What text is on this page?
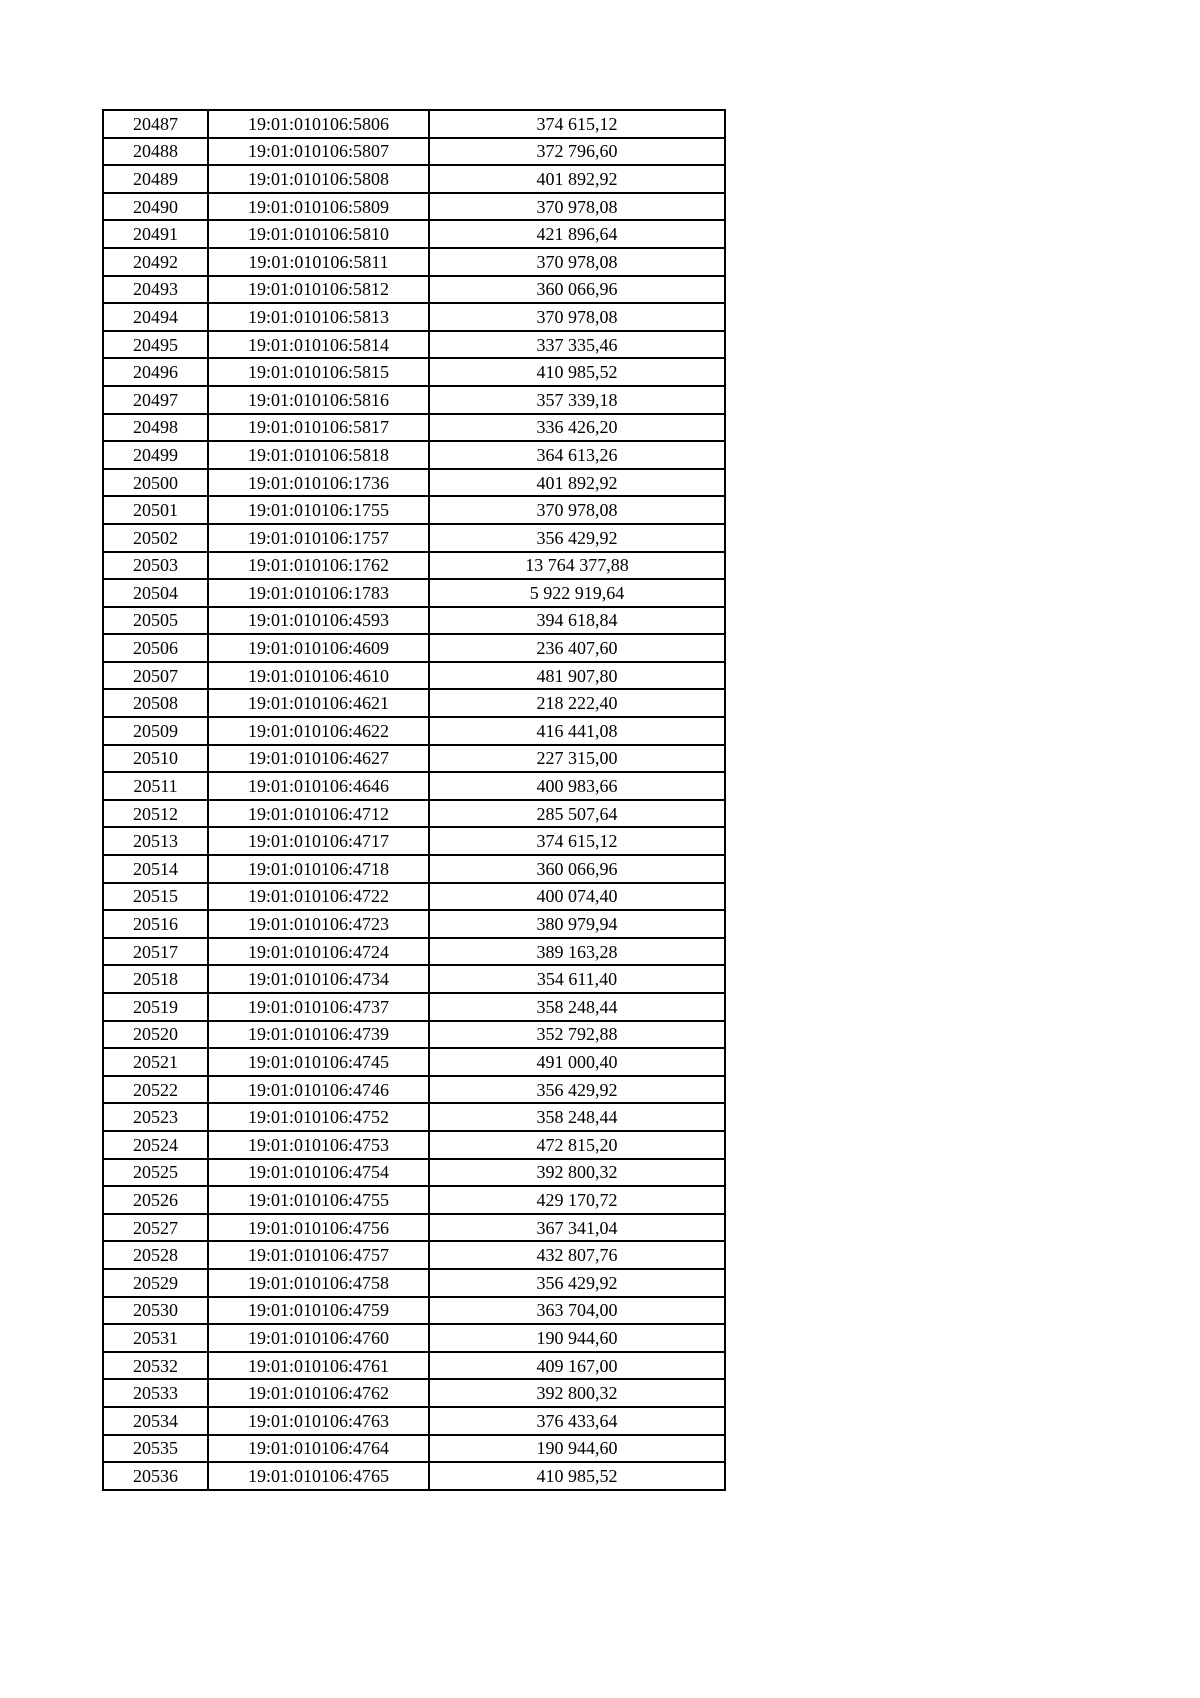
20487	19:01:010106:5806	374 615,12
20488	19:01:010106:5807	372 796,60
20489	19:01:010106:5808	401 892,92
20490	19:01:010106:5809	370 978,08
20491	19:01:010106:5810	421 896,64
20492	19:01:010106:5811	370 978,08
20493	19:01:010106:5812	360 066,96
20494	19:01:010106:5813	370 978,08
20495	19:01:010106:5814	337 335,46
20496	19:01:010106:5815	410 985,52
20497	19:01:010106:5816	357 339,18
20498	19:01:010106:5817	336 426,20
20499	19:01:010106:5818	364 613,26
20500	19:01:010106:1736	401 892,92
20501	19:01:010106:1755	370 978,08
20502	19:01:010106:1757	356 429,92
20503	19:01:010106:1762	13 764 377,88
20504	19:01:010106:1783	5 922 919,64
20505	19:01:010106:4593	394 618,84
20506	19:01:010106:4609	236 407,60
20507	19:01:010106:4610	481 907,80
20508	19:01:010106:4621	218 222,40
20509	19:01:010106:4622	416 441,08
20510	19:01:010106:4627	227 315,00
20511	19:01:010106:4646	400 983,66
20512	19:01:010106:4712	285 507,64
20513	19:01:010106:4717	374 615,12
20514	19:01:010106:4718	360 066,96
20515	19:01:010106:4722	400 074,40
20516	19:01:010106:4723	380 979,94
20517	19:01:010106:4724	389 163,28
20518	19:01:010106:4734	354 611,40
20519	19:01:010106:4737	358 248,44
20520	19:01:010106:4739	352 792,88
20521	19:01:010106:4745	491 000,40
20522	19:01:010106:4746	356 429,92
20523	19:01:010106:4752	358 248,44
20524	19:01:010106:4753	472 815,20
20525	19:01:010106:4754	392 800,32
20526	19:01:010106:4755	429 170,72
20527	19:01:010106:4756	367 341,04
20528	19:01:010106:4757	432 807,76
20529	19:01:010106:4758	356 429,92
20530	19:01:010106:4759	363 704,00
20531	19:01:010106:4760	190 944,60
20532	19:01:010106:4761	409 167,00
20533	19:01:010106:4762	392 800,32
20534	19:01:010106:4763	376 433,64
20535	19:01:010106:4764	190 944,60
20536	19:01:010106:4765	410 985,52
